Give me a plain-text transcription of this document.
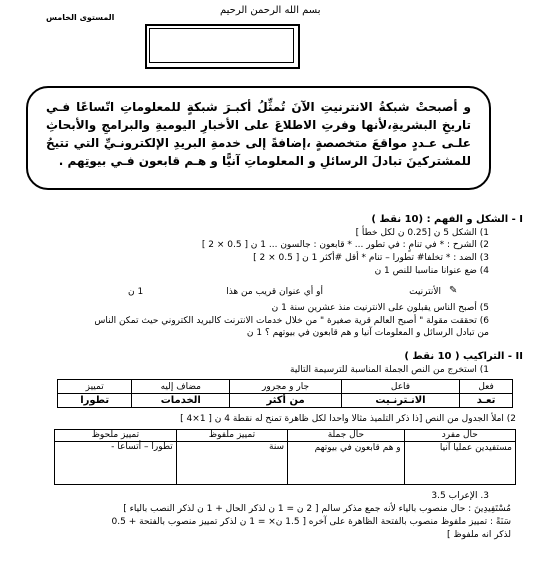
بسم الله الرحمن الرحيم
المستوى الخامس
و أصبحتْ شبكةُ الانترنيتِ الآنَ تُمثِّلُ أكبـرَ شبكةٍ للمعلوماتِ اتّساعًا فـي تاريخِ البشريةِ،لأنها وفرتِ الاطلاعَ على الأخبارِ اليوميةِ والبرامجِ والأبحاثِ علـى عـددٍ مواقعَ متخصصةٍ ،إضافةً إلى خدمةِ البريدِ الإلكترونـيِّ التي تتيحُ للمشتركينَ تبادلَ الرسائلِ و المعلوماتِ آنيًّا و هـم قابعون فـي بيوتِهم .
I - الشكل و الفهم : (10 نقط )
1) الشكل 5 ن [0.25 ن لكل خطأ ]
2) الشرح : * في تنامٍ : في تطور ... * قابعون : جالسون ... 1 ن [ 0.5 × 2 ]
3) الضد : * تخلفا# تطورا – تنام * أقل #أكثر 1 ن [ 0.5 × 2 ]
4) ضع عنوانا مناسبا للنص 1 ن
✎
الأنترنيت
أو أي عنوان قريب من هذا
1 ن
5) أصبح الناس يقبلون على الانترنيت منذ عشرين سنة 1 ن
6) تحققت مقولة " أصبح العالم قرية صغيرة " من خلال خدمات الانترنت كالبريد الكتروني حيث تمكن الناس
من تبادل الرسائل و المعلومات آنيا و هم قابعون في بيوتهم ؟ 1 ن
II - التراكيب ( 10 نقط )
1) استخرج من النص الجملة المناسبة للترسيمة التالية
فعل	فاعل	جار و مجرور	مضاف إليه	تمييز
تعـد	الانـترنـيت	من أكثر	الخدمات	تطورا
2) املأ الجدول من النص [ذا ذكر التلميذ مثالا واحدا لكل ظاهرة تمنح له نقطة 4 ن [ 1×4 ]
حال مفرد	حال جملة	تمييز ملفوظ	تمييز ملحوظ
مستفيدين عمليا آنيا	و هم قابعون في بيوتهم	سنة	تطورا – أتساعا -
3. الإعراب 3.5
مُسْتَفِيدِينَ : حال منصوب بالياء لأنه جمع مذكر سالم [ 2 ن = 1 ن لذكر الحال + 1 ن لذكر النصب بالياء ]
سَنَةً : تمييز ملفوظ منصوب بالفتحة الظاهرة على آخره [ 1.5 ن× = 1 ن لذكر تمييز منصوب بالفتحة + 0.5
لذكر انه ملفوظ ]
